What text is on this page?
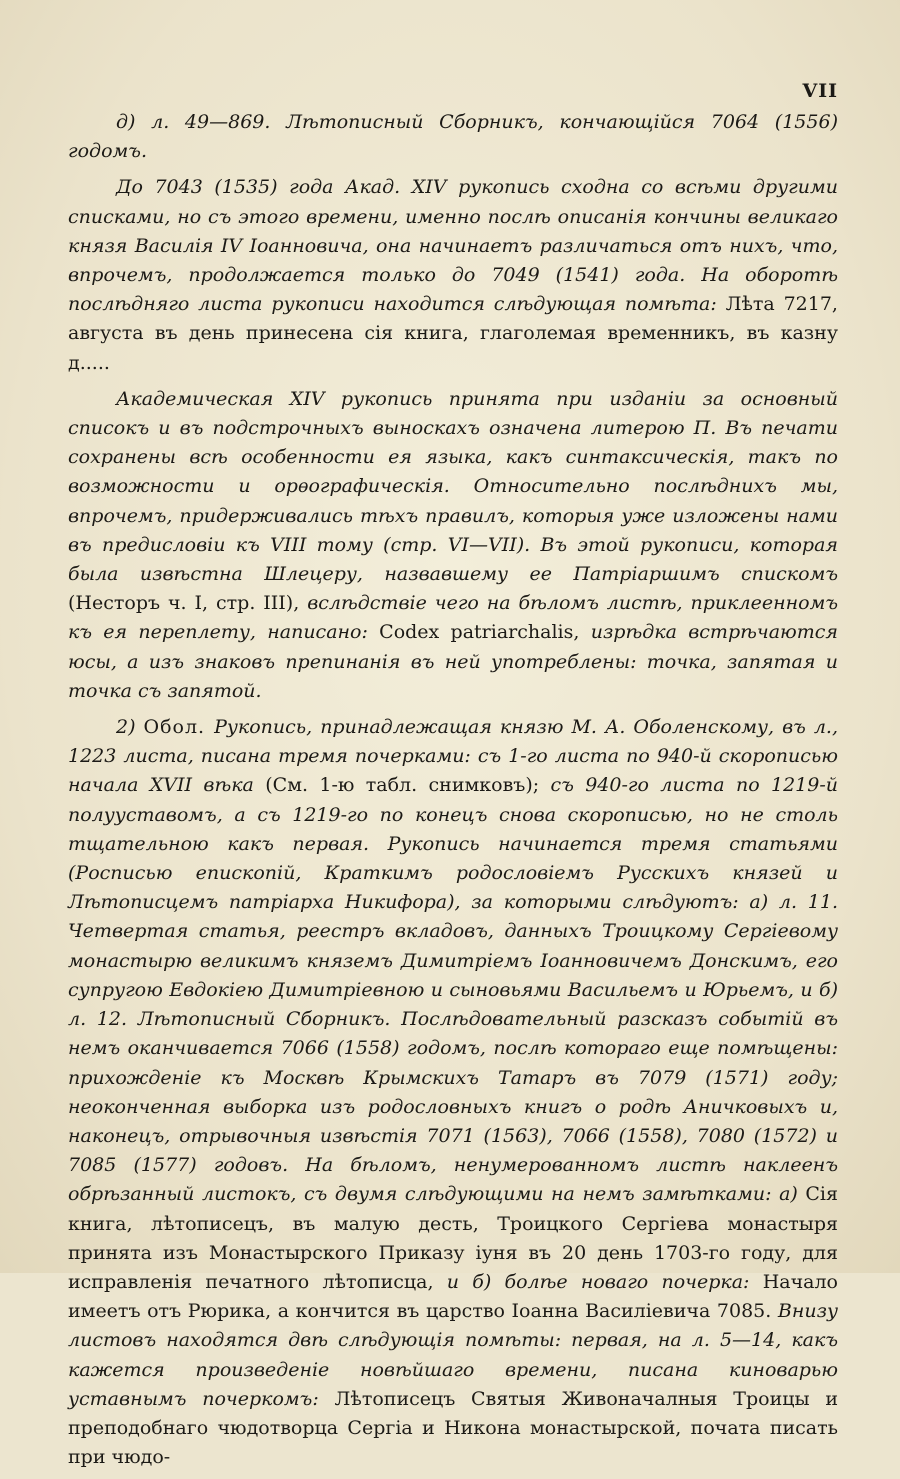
VII

д) л. 49—869. Лѣтописный Сборникъ, кончающійся 7064 (1556) годомъ.

До 7043 (1535) года Акад. XIV рукопись сходна со всѣми другими списками, но съ этого времени, именно послѣ описанія кончины великаго князя Василія IV Іоанновича, она начинаетъ различаться отъ нихъ, что, впрочемъ, продолжается только до 7049 (1541) года. На оборотѣ послѣдняго листа рукописи находится слѣдующая помѣта: Лѣта 7217, августа въ день принесена сія книга, глаголемая временникъ, въ казну д.....

Академическая XIV рукопись принята при изданіи за основный списокъ и въ подстрочныхъ выноскахъ означена литерою П. Въ печати сохранены всѣ особенности ея языка, какъ синтаксическія, такъ по возможности и орѳографическія. Относительно послѣднихъ мы, впрочемъ, придерживались тѣхъ правилъ, которыя уже изложены нами въ предисловіи къ VIII тому (стр. VI—VII). Въ этой рукописи, которая была извѣстна Шлецеру, назвавшему ее Патріаршимъ спискомъ (Несторъ ч. I, стр. III), вслѣдствіе чего на бѣломъ листѣ, приклеенномъ къ ея переплету, написано: Codex patriarchalis, изрѣдка встрѣчаются юсы, а изъ знаковъ препинанія въ ней употреблены: точка, запятая и точка съ запятой.

2) Обол. Рукопись, принадлежащая князю М. А. Оболенскому, въ л., 1223 листа, писана тремя почерками: съ 1-го листа по 940-й скорописью начала XVII вѣка (См. 1-ю табл. снимковъ); съ 940-го листа по 1219-й полууставомъ, а съ 1219-го по конецъ снова скорописью, но не столь тщательною какъ первая. Рукопись начинается тремя статьями (Росписью епископій, Краткимъ родословіемъ Русскихъ князей и Лѣтописцемъ патріарха Никифора), за которыми слѣдуютъ: а) л. 11. Четвертая статья, реестръ вкладовъ, данныхъ Троицкому Сергіевому монастырю великимъ княземъ Димитріемъ Іоанновичемъ Донскимъ, его супругою Евдокіею Димитріевною и сыновьями Васильемъ и Юрьемъ, и б) л. 12. Лѣтописный Сборникъ. Послѣдовательный разсказъ событій въ немъ оканчивается 7066 (1558) годомъ, послѣ котораго еще помѣщены: прихожденіе къ Москвѣ Крымскихъ Татаръ въ 7079 (1571) году; неоконченная выборка изъ родословныхъ книгъ о родѣ Аничковыхъ и, наконецъ, отрывочныя извѣстія 7071 (1563), 7066 (1558), 7080 (1572) и 7085 (1577) годовъ. На бѣломъ, ненумерованномъ листѣ наклеенъ обрѣзанный листокъ, съ двумя слѣдующими на немъ замѣтками: а) Сія книга, лѣтописецъ, въ малую десть, Троицкого Сергіева монастыря принята изъ Монастырского Приказу іуня въ 20 день 1703-го году, для исправленія печатного лѣтописца, и б) болѣе новаго почерка: Начало имеетъ отъ Рюрика, а кончится въ царство Іоанна Василіевича 7085. Внизу листовъ находятся двѣ слѣдующія помѣты: первая, на л. 5—14, какъ кажется произведеніе новѣйшаго времени, писана киноварью уставнымъ почеркомъ: Лѣтописецъ Святыя Живоначалныя Троицы и преподобнаго чюдотворца Сергіа и Никона монастырской, почата писать при чюдо-
